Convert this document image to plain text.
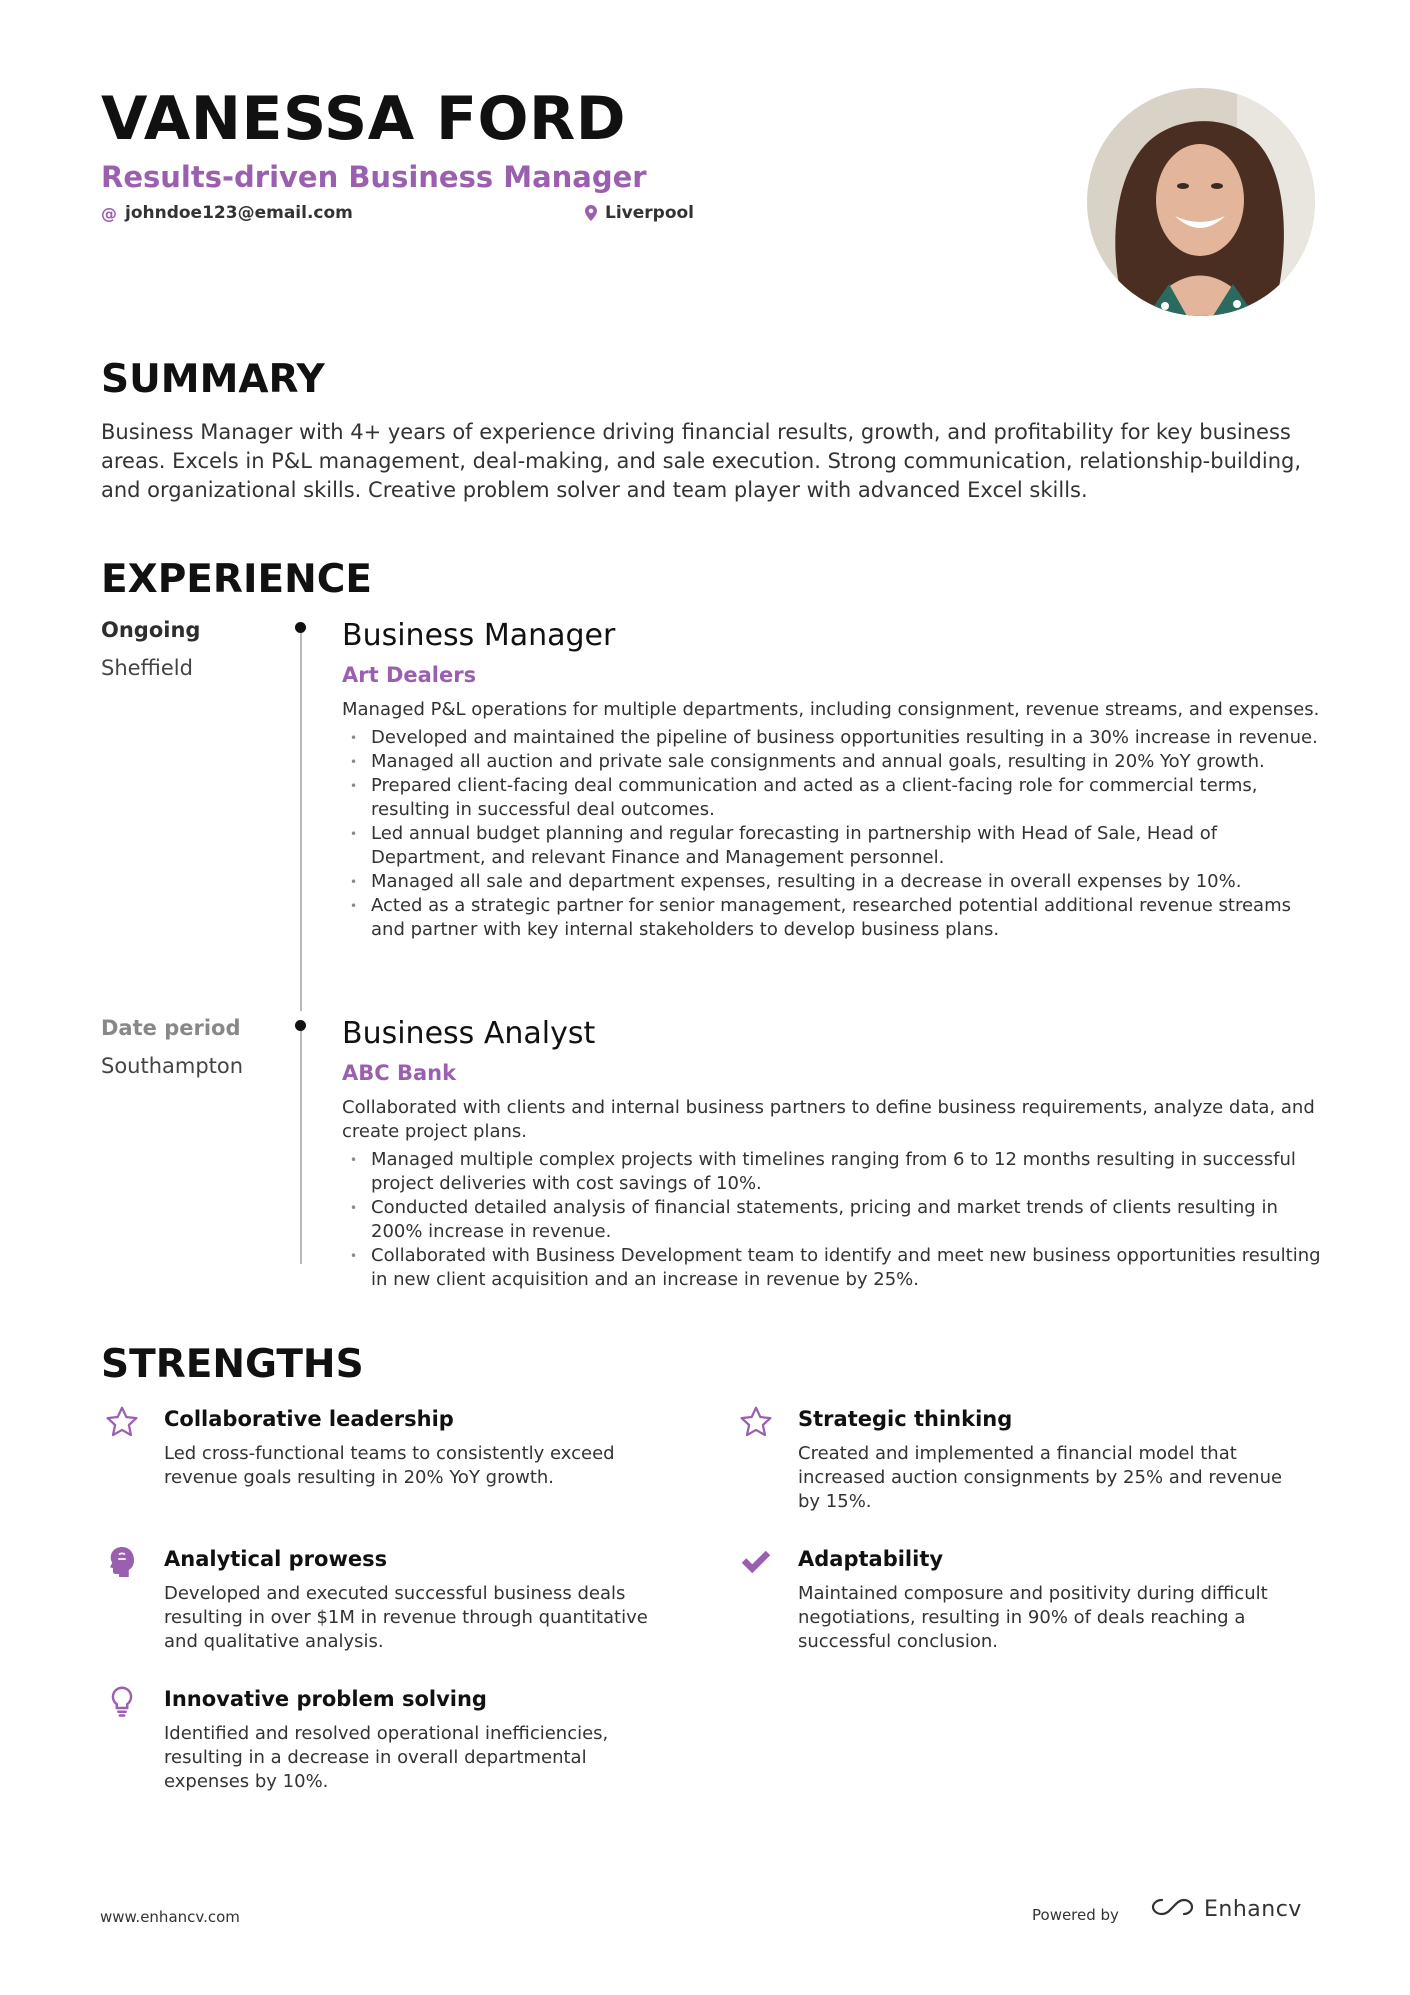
VANESSA FORD
Results-driven Business Manager
@ johndoe123@email.com	Liverpool
SUMMARY
Business Manager with 4+ years of experience driving financial results, growth, and profitability for key business areas. Excels in P&L management, deal-making, and sale execution. Strong communication, relationship-building, and organizational skills. Creative problem solver and team player with advanced Excel skills.
EXPERIENCE
Ongoing
Sheffield
Business Manager
Art Dealers
Managed P&L operations for multiple departments, including consignment, revenue streams, and expenses.
• Developed and maintained the pipeline of business opportunities resulting in a 30% increase in revenue.
• Managed all auction and private sale consignments and annual goals, resulting in 20% YoY growth.
• Prepared client-facing deal communication and acted as a client-facing role for commercial terms, resulting in successful deal outcomes.
• Led annual budget planning and regular forecasting in partnership with Head of Sale, Head of Department, and relevant Finance and Management personnel.
• Managed all sale and department expenses, resulting in a decrease in overall expenses by 10%.
• Acted as a strategic partner for senior management, researched potential additional revenue streams and partner with key internal stakeholders to develop business plans.
Date period
Southampton
Business Analyst
ABC Bank
Collaborated with clients and internal business partners to define business requirements, analyze data, and create project plans.
• Managed multiple complex projects with timelines ranging from 6 to 12 months resulting in successful project deliveries with cost savings of 10%.
• Conducted detailed analysis of financial statements, pricing and market trends of clients resulting in 200% increase in revenue.
• Collaborated with Business Development team to identify and meet new business opportunities resulting in new client acquisition and an increase in revenue by 25%.
STRENGTHS
Collaborative leadership
Led cross-functional teams to consistently exceed revenue goals resulting in 20% YoY growth.
Strategic thinking
Created and implemented a financial model that increased auction consignments by 25% and revenue by 15%.
Analytical prowess
Developed and executed successful business deals resulting in over $1M in revenue through quantitative and qualitative analysis.
Adaptability
Maintained composure and positivity during difficult negotiations, resulting in 90% of deals reaching a successful conclusion.
Innovative problem solving
Identified and resolved operational inefficiencies, resulting in a decrease in overall departmental expenses by 10%.
www.enhancv.com	Powered by	Enhancv
